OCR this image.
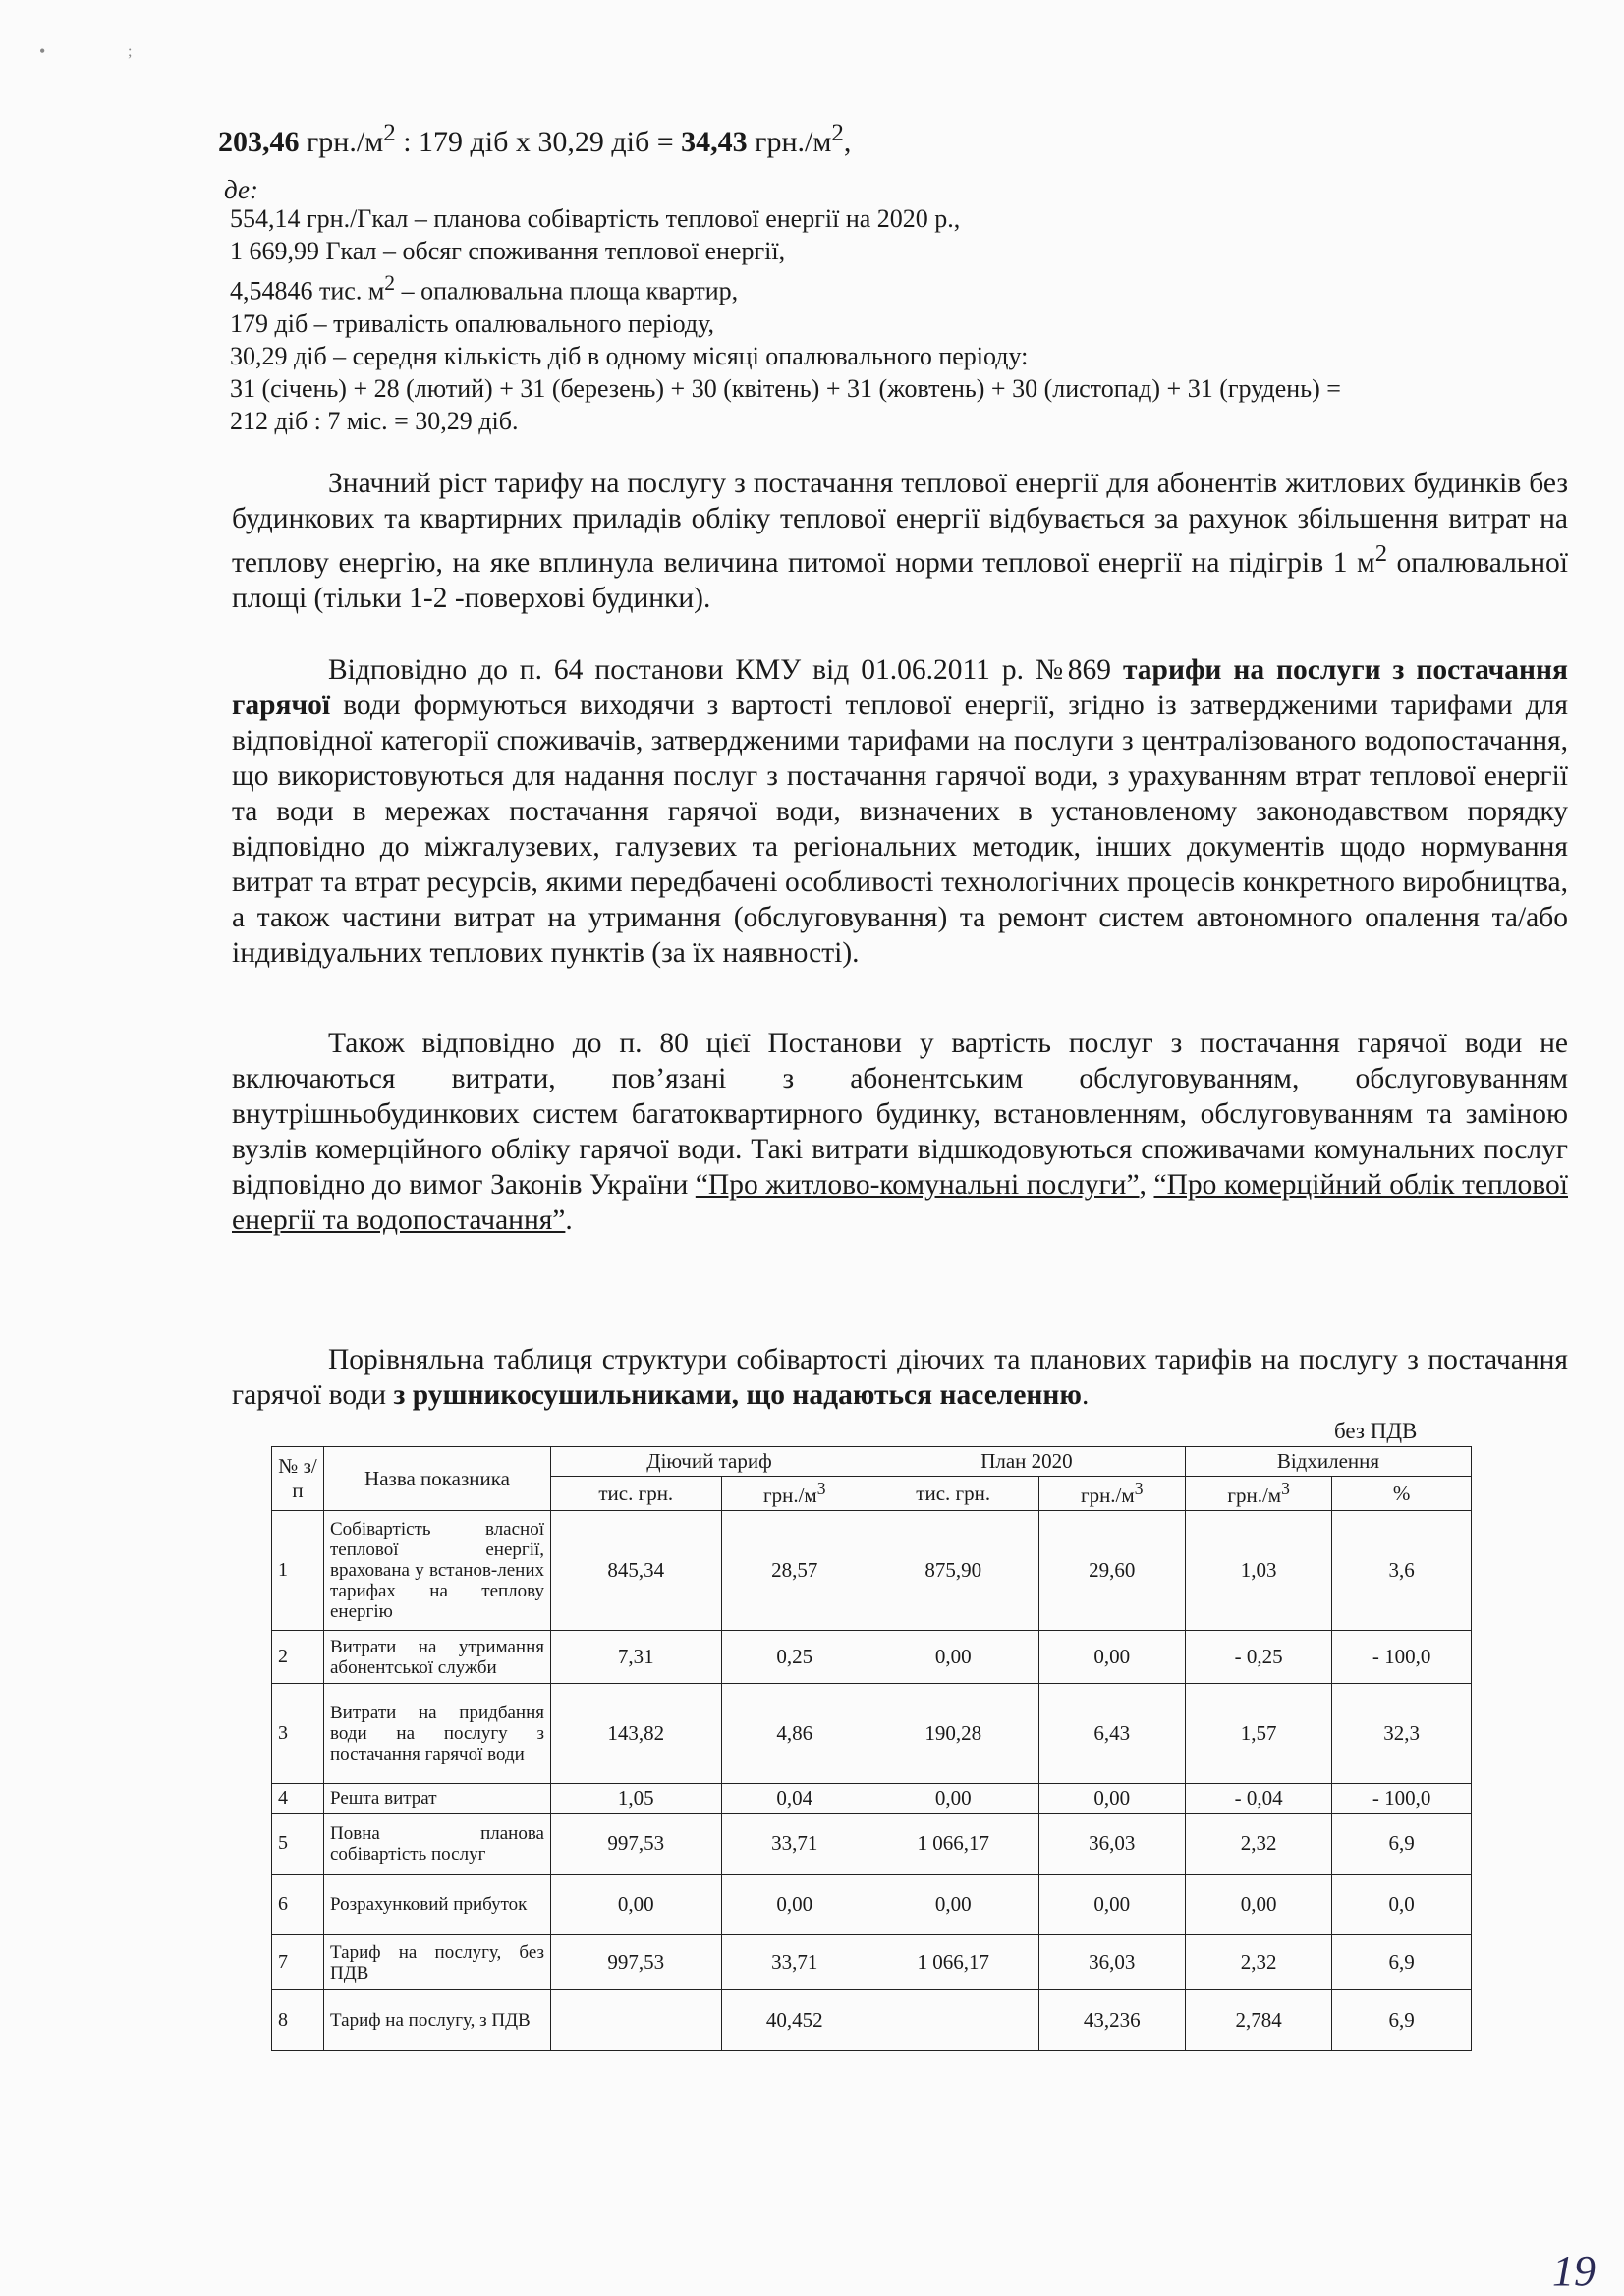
•	;
203,46 $грн./м^2$ : 179 діб х 30,29 діб = 34,43 $грн./м^2$,
де:
554,14 грн./Гкал – планова собівартість теплової енергії на 2020 р.,
1 669,99 Гкал – обсяг споживання теплової енергії,
4,54846 тис. $м^2$ – опалювальна площа квартир,
179 діб – тривалість опалювального періоду,
30,29 діб – середня кількість діб в одному місяці опалювального періоду:
31 (січень) + 28 (лютий) + 31 (березень) + 30 (квітень) + 31 (жовтень) + 30 (листопад) + 31 (грудень) =
212 діб : 7 міс. = 30,29 діб.
Значний ріст тарифу на послугу з постачання теплової енергії для абонентів житлових будинків без будинкових та квартирних приладів обліку теплової енергії відбувається за рахунок збільшення витрат на теплову енергію, на яке вплинула величина питомої норми теплової енергії на підігрів 1 $м^2$ опалювальної площі (тільки 1-2 -поверхові будинки).
Відповідно до п. 64 постанови КМУ від 01.06.2011 р. №869 тарифи на послуги з постачання гарячої води формуються виходячи з вартості теплової енергії, згідно із затвердженими тарифами для відповідної категорії споживачів, затвердженими тарифами на послуги з централізованого водопостачання, що використовуються для надання послуг з постачання гарячої води, з урахуванням втрат теплової енергії та води в мережах постачання гарячої води, визначених в установленому законодавством порядку відповідно до міжгалузевих, галузевих та регіональних методик, інших документів щодо нормування витрат та втрат ресурсів, якими передбачені особливості технологічних процесів конкретного виробництва, а також частини витрат на утримання (обслуговування) та ремонт систем автономного опалення та/або індивідуальних теплових пунктів (за їх наявності).
Також відповідно до п. 80 цієї Постанови у вартість послуг з постачання гарячої води не включаються витрати, пов’язані з абонентським обслуговуванням, обслуговуванням внутрішньобудинкових систем багатоквартирного будинку, встановленням, обслуговуванням та заміною вузлів комерційного обліку гарячої води. Такі витрати відшкодовуються споживачами комунальних послуг відповідно до вимог Законів України “Про житлово-комунальні послуги”, “Про комерційний облік теплової енергії та водопостачання”.
Порівняльна таблиця структури собівартості діючих та планових тарифів на послугу з постачання гарячої води з рушникосушильниками, що надаються населенню.
без ПДВ
№ з/п	Назва показника	Діючий тариф		План 2020		Відхилення	
		тис. грн.	$грн./м^3$	тис. грн.	$грн./м^3$	$грн./м^3$	%
1	Собівартість власної теплової енергії, врахована у встанов-лених тарифах на теплову енергію	845,34	28,57	875,90	29,60	1,03	3,6
2	Витрати на утримання абонентської служби	7,31	0,25	0,00	0,00	- 0,25	- 100,0
3	Витрати на придбання води на послугу з постачання гарячої води	143,82	4,86	190,28	6,43	1,57	32,3
4	Решта витрат	1,05	0,04	0,00	0,00	- 0,04	- 100,0
5	Повна планова собівартість послуг	997,53	33,71	1 066,17	36,03	2,32	6,9
6	Розрахунковий прибуток	0,00	0,00	0,00	0,00	0,00	0,0
7	Тариф на послугу, без ПДВ	997,53	33,71	1 066,17	36,03	2,32	6,9
8	Тариф на послугу, з ПДВ		40,452		43,236	2,784	6,9
19
